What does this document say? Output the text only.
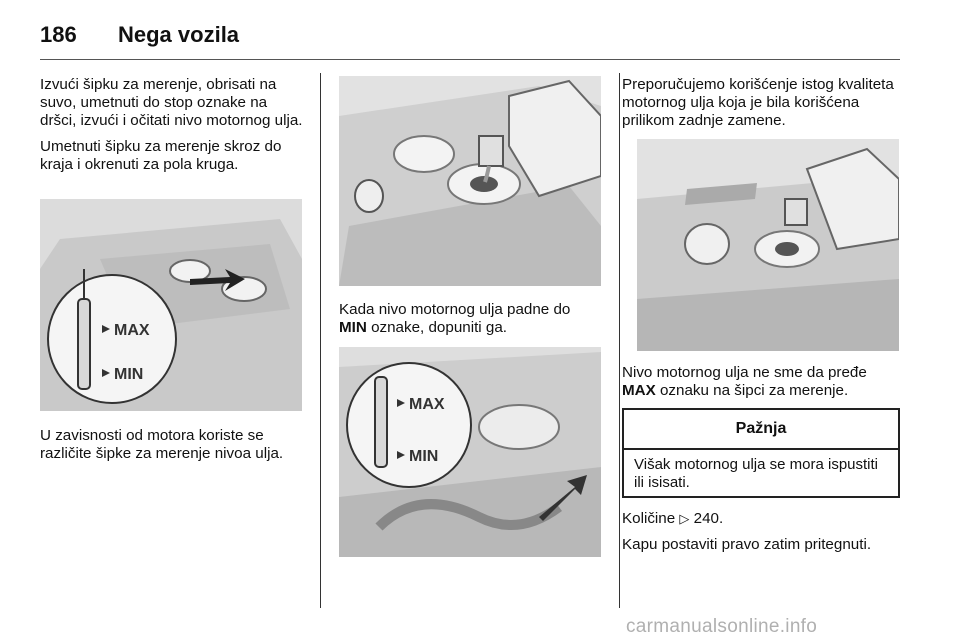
186 Nega vozila

Izvući šipku za merenje, obrisati na suvo, umetnuti do stop oznake na dršci, izvući i očitati nivo motornog ulja.

Umetnuti šipku za merenje skroz do kraja i okrenuti za pola kruga.

MAX
MIN

U zavisnosti od motora koriste se različite šipke za merenje nivoa ulja.

Kada nivo motornog ulja padne do
MIN oznake, dopuniti ga.

MAX
MIN

Preporučujemo korišćenje istog kvaliteta motornog ulja koja je bila korišćena prilikom zadnje zamene.

Nivo motornog ulja ne sme da pređe
MAX oznaku na šipci za merenje.

Pažnja
Višak motornog ulja se mora ispustiti ili isisati.

Količine ▷ 240.

Kapu postaviti pravo zatim pritegnuti.

carmanualsonline.info
